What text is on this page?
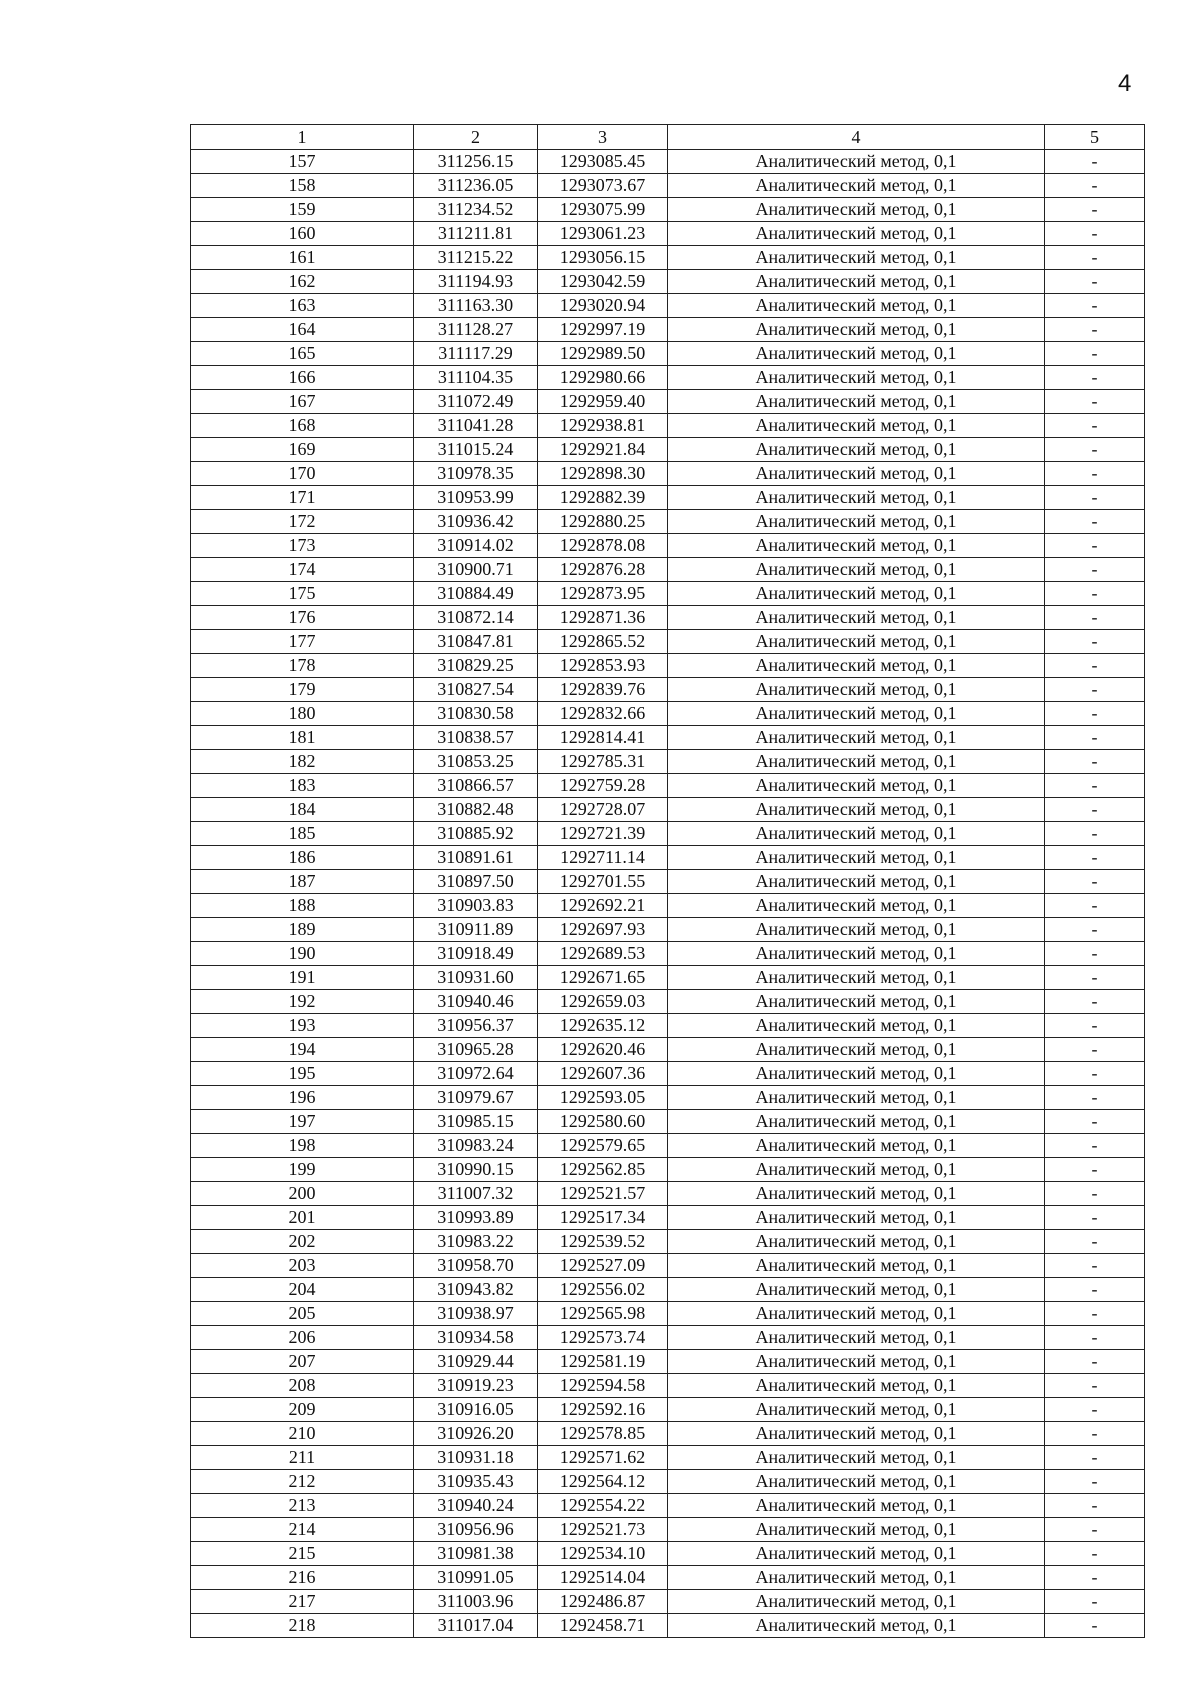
4
1	2	3	4	5
157	311256.15	1293085.45	Аналитический метод, 0,1	-
158	311236.05	1293073.67	Аналитический метод, 0,1	-
159	311234.52	1293075.99	Аналитический метод, 0,1	-
160	311211.81	1293061.23	Аналитический метод, 0,1	-
161	311215.22	1293056.15	Аналитический метод, 0,1	-
162	311194.93	1293042.59	Аналитический метод, 0,1	-
163	311163.30	1293020.94	Аналитический метод, 0,1	-
164	311128.27	1292997.19	Аналитический метод, 0,1	-
165	311117.29	1292989.50	Аналитический метод, 0,1	-
166	311104.35	1292980.66	Аналитический метод, 0,1	-
167	311072.49	1292959.40	Аналитический метод, 0,1	-
168	311041.28	1292938.81	Аналитический метод, 0,1	-
169	311015.24	1292921.84	Аналитический метод, 0,1	-
170	310978.35	1292898.30	Аналитический метод, 0,1	-
171	310953.99	1292882.39	Аналитический метод, 0,1	-
172	310936.42	1292880.25	Аналитический метод, 0,1	-
173	310914.02	1292878.08	Аналитический метод, 0,1	-
174	310900.71	1292876.28	Аналитический метод, 0,1	-
175	310884.49	1292873.95	Аналитический метод, 0,1	-
176	310872.14	1292871.36	Аналитический метод, 0,1	-
177	310847.81	1292865.52	Аналитический метод, 0,1	-
178	310829.25	1292853.93	Аналитический метод, 0,1	-
179	310827.54	1292839.76	Аналитический метод, 0,1	-
180	310830.58	1292832.66	Аналитический метод, 0,1	-
181	310838.57	1292814.41	Аналитический метод, 0,1	-
182	310853.25	1292785.31	Аналитический метод, 0,1	-
183	310866.57	1292759.28	Аналитический метод, 0,1	-
184	310882.48	1292728.07	Аналитический метод, 0,1	-
185	310885.92	1292721.39	Аналитический метод, 0,1	-
186	310891.61	1292711.14	Аналитический метод, 0,1	-
187	310897.50	1292701.55	Аналитический метод, 0,1	-
188	310903.83	1292692.21	Аналитический метод, 0,1	-
189	310911.89	1292697.93	Аналитический метод, 0,1	-
190	310918.49	1292689.53	Аналитический метод, 0,1	-
191	310931.60	1292671.65	Аналитический метод, 0,1	-
192	310940.46	1292659.03	Аналитический метод, 0,1	-
193	310956.37	1292635.12	Аналитический метод, 0,1	-
194	310965.28	1292620.46	Аналитический метод, 0,1	-
195	310972.64	1292607.36	Аналитический метод, 0,1	-
196	310979.67	1292593.05	Аналитический метод, 0,1	-
197	310985.15	1292580.60	Аналитический метод, 0,1	-
198	310983.24	1292579.65	Аналитический метод, 0,1	-
199	310990.15	1292562.85	Аналитический метод, 0,1	-
200	311007.32	1292521.57	Аналитический метод, 0,1	-
201	310993.89	1292517.34	Аналитический метод, 0,1	-
202	310983.22	1292539.52	Аналитический метод, 0,1	-
203	310958.70	1292527.09	Аналитический метод, 0,1	-
204	310943.82	1292556.02	Аналитический метод, 0,1	-
205	310938.97	1292565.98	Аналитический метод, 0,1	-
206	310934.58	1292573.74	Аналитический метод, 0,1	-
207	310929.44	1292581.19	Аналитический метод, 0,1	-
208	310919.23	1292594.58	Аналитический метод, 0,1	-
209	310916.05	1292592.16	Аналитический метод, 0,1	-
210	310926.20	1292578.85	Аналитический метод, 0,1	-
211	310931.18	1292571.62	Аналитический метод, 0,1	-
212	310935.43	1292564.12	Аналитический метод, 0,1	-
213	310940.24	1292554.22	Аналитический метод, 0,1	-
214	310956.96	1292521.73	Аналитический метод, 0,1	-
215	310981.38	1292534.10	Аналитический метод, 0,1	-
216	310991.05	1292514.04	Аналитический метод, 0,1	-
217	311003.96	1292486.87	Аналитический метод, 0,1	-
218	311017.04	1292458.71	Аналитический метод, 0,1	-
